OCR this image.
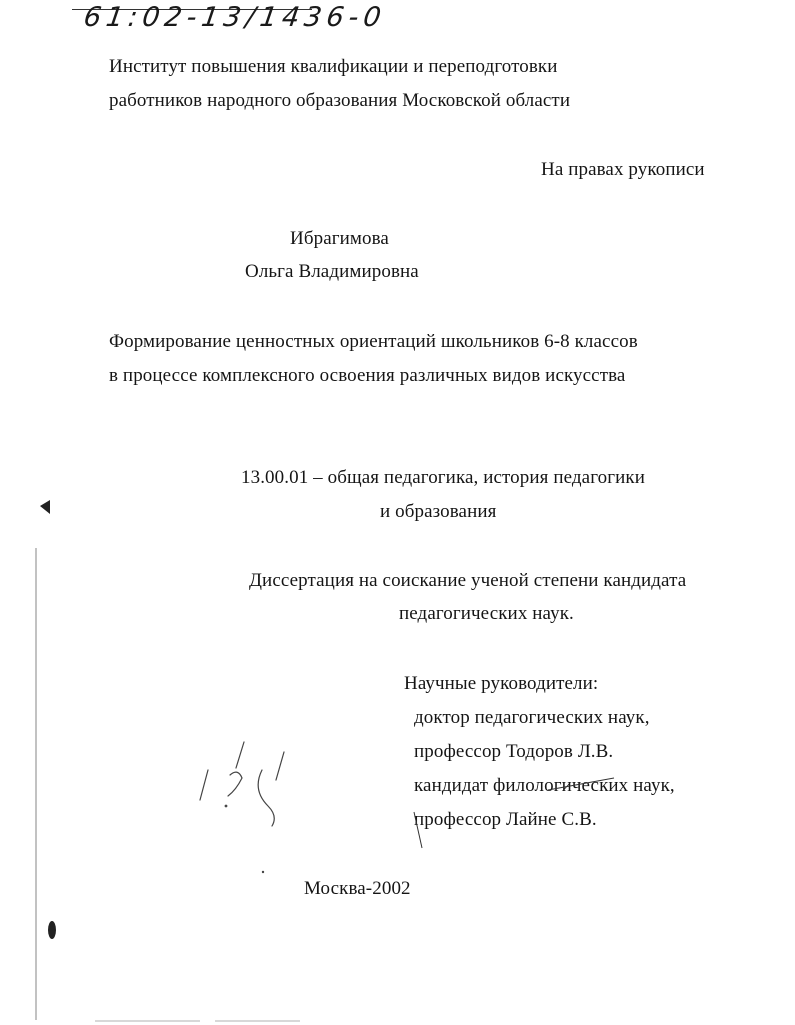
61:02-13/1436-0
Институт повышения квалификации и переподготовки
работников народного образования Московской области
На правах рукописи
Ибрагимова
Ольга Владимировна
Формирование ценностных ориентаций школьников 6-8 классов
в процессе комплексного освоения различных видов искусства
13.00.01 – общая педагогика, история педагогики
и образования
Диссертация на соискание ученой степени кандидата
педагогических наук.
Научные руководители:
доктор педагогических наук,
профессор Тодоров Л.В.
кандидат филологических наук,
профессор Лайне С.В.
Москва-2002
